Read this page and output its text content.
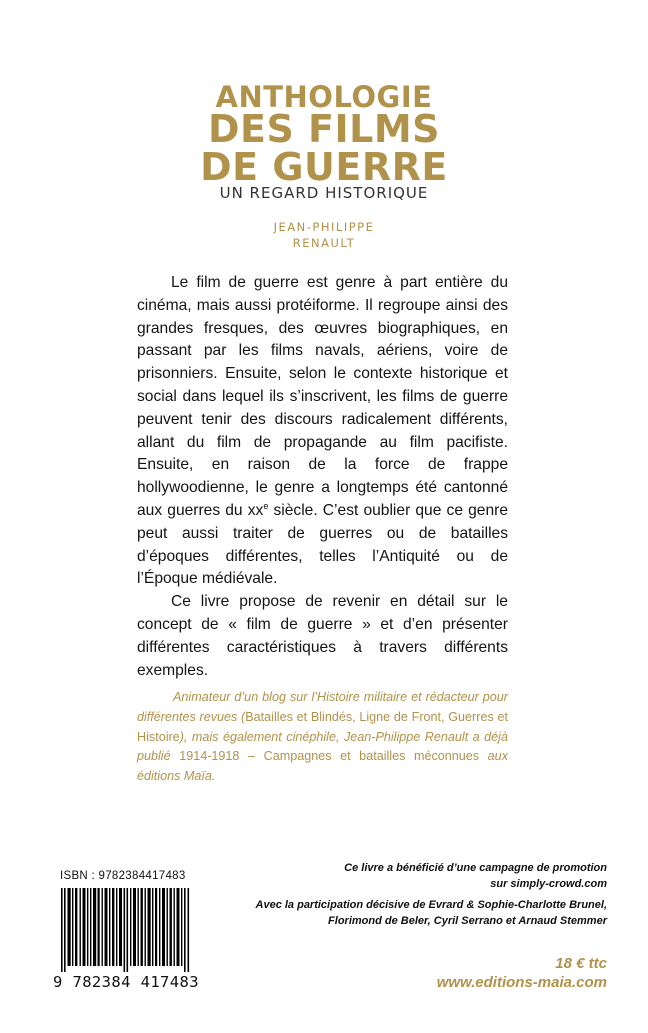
ANTHOLOGIE
DES FILMS
DE GUERRE
UN REGARD HISTORIQUE
JEAN-PHILIPPE
RENAULT

Le film de guerre est genre à part entière du cinéma, mais aussi protéiforme. Il regroupe ainsi des grandes fresques, des œuvres biographiques, en passant par les films navals, aériens, voire de prisonniers. Ensuite, selon le contexte historique et social dans lequel ils s’inscrivent, les films de guerre peuvent tenir des discours radicalement différents, allant du film de propagande au film pacifiste. Ensuite, en raison de la force de frappe hollywoodienne, le genre a longtemps été cantonné aux guerres du $xx^e$ siècle. C’est oublier que ce genre peut aussi traiter de guerres ou de batailles d’époques différentes, telles l’Antiquité ou de l’Époque médiévale.

Ce livre propose de revenir en détail sur le concept de « film de guerre » et d’en présenter différentes caractéristiques à travers différents exemples.

Animateur d’un blog sur l’Histoire militaire et rédacteur pour différentes revues (Batailles et Blindés, Ligne de Front, Guerres et Histoire), mais également cinéphile, Jean-Philippe Renault a déjà publié 1914-1918 – Campagnes et batailles méconnues aux éditions Maïa.
ISBN : 9782384417483
9 782384 417483
Ce livre a bénéficié d’une campagne de promotion
sur simply-crowd.com
Avec la participation décisive de Evrard & Sophie-Charlotte Brunel,
Florimond de Beler, Cyril Serrano et Arnaud Stemmer
18 € ttc
www.editions-maia.com
